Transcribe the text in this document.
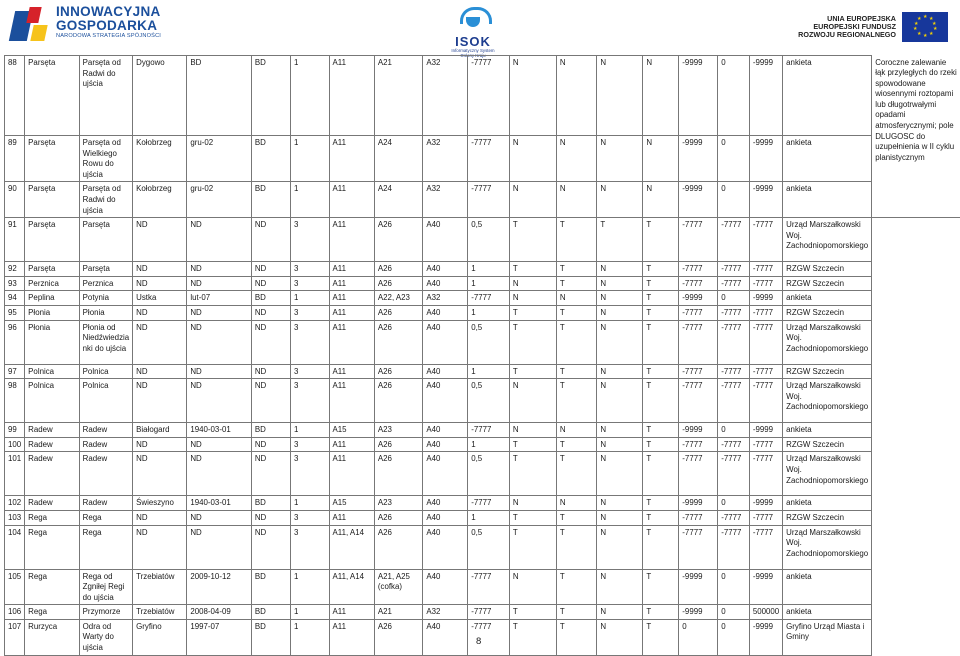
INNOWACYJNA
GOSPODARKA
NARODOWA STRATEGIA SPÓJNOŚCI	ISOK
Informatyczny System
Osłony Kraju
UNIA EUROPEJSKA
EUROPEJSKI FUNDUSZ
ROZWOJU REGIONALNEGO
★ ★
★
★
★
★
★
★
★
★
88	Parsęta	Parsęta od Radwi do ujścia	Dygowo	BD	BD	1	A11	A21	A32	-7777	N	N	N	N	-9999	0	-9999	ankieta	Coroczne zalewanie łąk przyległych do rzeki spowodowane wiosennymi roztopami lub długotrwałymi opadami atmosferycznymi; pole DLUGOSC do uzupełnienia w II cyklu planistycznym
89	Parsęta	Parsęta od Wielkiego Rowu do ujścia	Kołobrzeg	gru-02	BD	1	A11	A24	A32	-7777	N	N	N	N	-9999	0	-9999	ankieta	
90	Parsęta	Parsęta od Radwi do ujścia	Kołobrzeg	gru-02	BD	1	A11	A24	A32	-7777	N	N	N	N	-9999	0	-9999	ankieta	
91	Parsęta	Parsęta	ND	ND	ND	3	A11	A26	A40	0,5	T	T	T	T	-7777	-7777	-7777	Urząd Marszałkowski Woj. Zachodniopomorskiego	
92	Parsęta	Parsęta	ND	ND	ND	3	A11	A26	A40	1	T	T	N	T	-7777	-7777	-7777	RZGW Szczecin	
93	Perznica	Perznica	ND	ND	ND	3	A11	A26	A40	1	N	T	N	T	-7777	-7777	-7777	RZGW Szczecin	
94	Peplina	Potynia	Ustka	lut-07	BD	1	A11	A22, A23	A32	-7777	N	N	N	T	-9999	0	-9999	ankieta	
95	Płonia	Płonia	ND	ND	ND	3	A11	A26	A40	1	T	T	N	T	-7777	-7777	-7777	RZGW Szczecin	
96	Płonia	Płonia od Niedźwiedzia nki do ujścia	ND	ND	ND	3	A11	A26	A40	0,5	T	T	N	T	-7777	-7777	-7777	Urząd Marszałkowski Woj. Zachodniopomorskiego	
97	Polnica	Polnica	ND	ND	ND	3	A11	A26	A40	1	T	T	N	T	-7777	-7777	-7777	RZGW Szczecin	
98	Polnica	Polnica	ND	ND	ND	3	A11	A26	A40	0,5	N	T	N	T	-7777	-7777	-7777	Urząd Marszałkowski Woj. Zachodniopomorskiego	
99	Radew	Radew	Białogard	1940-03-01	BD	1	A15	A23	A40	-7777	N	N	N	T	-9999	0	-9999	ankieta	
100	Radew	Radew	ND	ND	ND	3	A11	A26	A40	1	T	T	N	T	-7777	-7777	-7777	RZGW Szczecin	
101	Radew	Radew	ND	ND	ND	3	A11	A26	A40	0,5	T	T	N	T	-7777	-7777	-7777	Urząd Marszałkowski Woj. Zachodniopomorskiego	
102	Radew	Radew	Świeszyno	1940-03-01	BD	1	A15	A23	A40	-7777	N	N	N	T	-9999	0	-9999	ankieta	
103	Rega	Rega	ND	ND	ND	3	A11	A26	A40	1	T	T	N	T	-7777	-7777	-7777	RZGW Szczecin	
104	Rega	Rega	ND	ND	ND	3	A11, A14	A26	A40	0,5	T	T	N	T	-7777	-7777	-7777	Urząd Marszałkowski Woj. Zachodniopomorskiego	
105	Rega	Rega od Zgniłej Regi do ujścia	Trzebiatów	2009-10-12	BD	1	A11, A14	A21, A25 (cofka)	A40	-7777	N	T	N	T	-9999	0	-9999	ankieta	
106	Rega	Przymorze	Trzebiatów	2008-04-09	BD	1	A11	A21	A32	-7777	T	T	N	T	-9999	0	500000	ankieta	
107	Rurzyca	Odra od Warty do ujścia	Gryfino	1997-07	BD	1	A11	A26	A40	-7777	T	T	N	T	0	0	-9999	Gryfino Urząd Miasta i Gminy	
8
